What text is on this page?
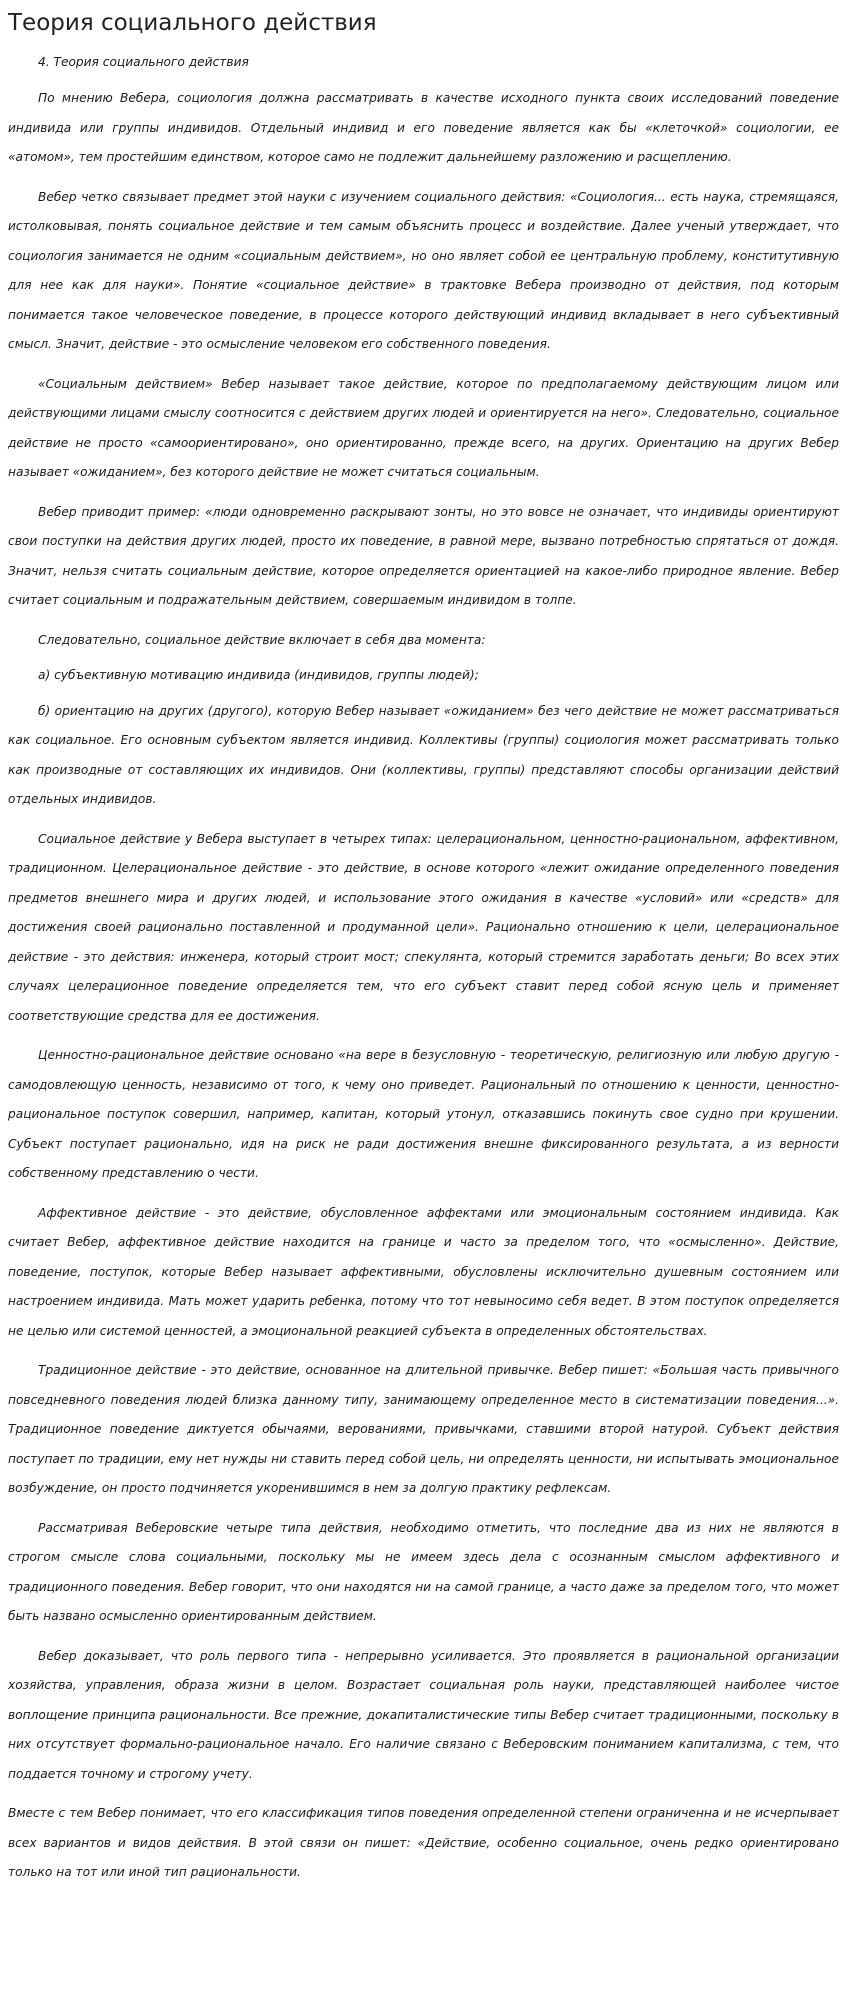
Теория социального действия
4. Теория социального действия

По мнению Вебера, социология должна рассматривать в качестве исходного пункта своих исследований поведение индивида или группы индивидов. Отдельный индивид и его поведение является как бы «клеточкой» социологии, ее «атомом», тем простейшим единством, которое само не подлежит дальнейшему разложению и расщеплению.

Вебер четко связывает предмет этой науки с изучением социального действия: «Социология... есть наука, стремящаяся, истолковывая, понять социальное действие и тем самым объяснить процесс и воздействие. Далее ученый утверждает, что социология занимается не одним «социальным действием», но оно являет собой ее центральную проблему, конститутивную для нее как для науки». Понятие «социальное действие» в трактовке Вебера производно от действия, под которым понимается такое человеческое поведение, в процессе которого действующий индивид вкладывает в него субъективный смысл. Значит, действие - это осмысление человеком его собственного поведения.

«Социальным действием» Вебер называет такое действие, которое по предполагаемому действующим лицом или действующими лицами смыслу соотносится с действием других людей и ориентируется на него». Следовательно, социальное действие не просто «самоориентировано», оно ориентированно, прежде всего, на других. Ориентацию на других Вебер называет «ожиданием», без которого действие не может считаться социальным.

Вебер приводит пример: «люди одновременно раскрывают зонты, но это вовсе не означает, что индивиды ориентируют свои поступки на действия других людей, просто их поведение, в равной мере, вызвано потребностью спрятаться от дождя. Значит, нельзя считать социальным действие, которое определяется ориентацией на какое-либо природное явление. Вебер считает социальным и подражательным действием, совершаемым индивидом в толпе.

Следовательно, социальное действие включает в себя два момента:

а) субъективную мотивацию индивида (индивидов, группы людей);

б) ориентацию на других (другого), которую Вебер называет «ожиданием» без чего действие не может рассматриваться как социальное. Его основным субъектом является индивид. Коллективы (группы) социология может рассматривать только как производные от составляющих их индивидов. Они (коллективы, группы) представляют способы организации действий отдельных индивидов.

Социальное действие у Вебера выступает в четырех типах: целерациональном, ценностно-рациональном, аффективном, традиционном. Целерациональное действие - это действие, в основе которого «лежит ожидание определенного поведения предметов внешнего мира и других людей, и использование этого ожидания в качестве «условий» или «средств» для достижения своей рационально поставленной и продуманной цели». Рационально отношению к цели, целерациональное действие - это действия: инженера, который строит мост; спекулянта, который стремится заработать деньги; Во всех этих случаях целерационное поведение определяется тем, что его субъект ставит перед собой ясную цель и применяет соответствующие средства для ее достижения.

Ценностно-рациональное действие основано «на вере в безусловную - теоретическую, религиозную или любую другую - самодовлеющую ценность, независимо от того, к чему оно приведет. Рациональный по отношению к ценности, ценностно-рациональное поступок совершил, например, капитан, который утонул, отказавшись покинуть свое судно при крушении. Субъект поступает рационально, идя на риск не ради достижения внешне фиксированного результата, а из верности собственному представлению о чести.

Аффективное действие - это действие, обусловленное аффектами или эмоциональным состоянием индивида. Как считает Вебер, аффективное действие находится на границе и часто за пределом того, что «осмысленно». Действие, поведение, поступок, которые Вебер называет аффективными, обусловлены исключительно душевным состоянием или настроением индивида. Мать может ударить ребенка, потому что тот невыносимо себя ведет. В этом поступок определяется не целью или системой ценностей, а эмоциональной реакцией субъекта в определенных обстоятельствах.

Традиционное действие - это действие, основанное на длительной привычке. Вебер пишет: «Большая часть привычного повседневного поведения людей близка данному типу, занимающему определенное место в систематизации поведения...». Традиционное поведение диктуется обычаями, верованиями, привычками, ставшими второй натурой. Субъект действия поступает по традиции, ему нет нужды ни ставить перед собой цель, ни определять ценности, ни испытывать эмоциональное возбуждение, он просто подчиняется укоренившимся в нем за долгую практику рефлексам.

Рассматривая Веберовские четыре типа действия, необходимо отметить, что последние два из них не являются в строгом смысле слова социальными, поскольку мы не имеем здесь дела с осознанным смыслом аффективного и традиционного поведения. Вебер говорит, что они находятся ни на самой границе, а часто даже за пределом того, что может быть названо осмысленно ориентированным действием.

Вебер доказывает, что роль первого типа - непрерывно усиливается. Это проявляется в рациональной организации хозяйства, управления, образа жизни в целом. Возрастает социальная роль науки, представляющей наиболее чистое воплощение принципа рациональности. Все прежние, докапиталистические типы Вебер считает традиционными, поскольку в них отсутствует формально-рациональное начало. Его наличие связано с Веберовским пониманием капитализма, с тем, что поддается точному и строгому учету.

Вместе с тем Вебер понимает, что его классификация типов поведения определенной степени ограниченна и не исчерпывает всех вариантов и видов действия. В этой связи он пишет: «Действие, особенно социальное, очень редко ориентировано только на тот или иной тип рациональности.
